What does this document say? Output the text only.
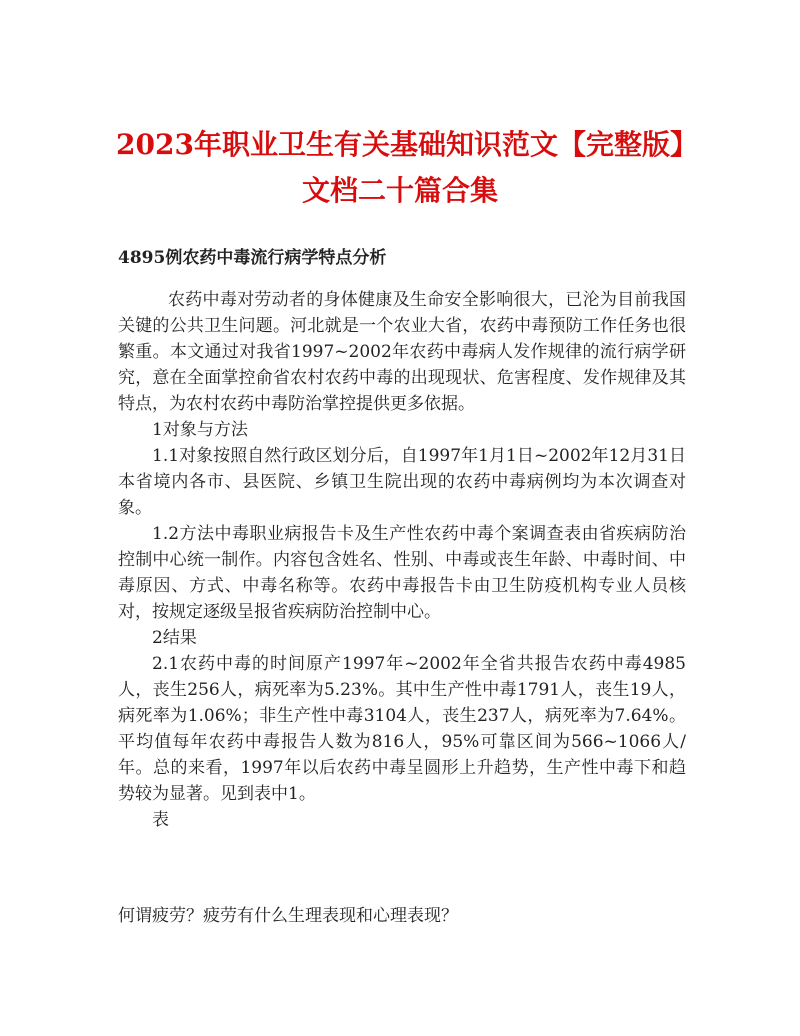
2023年职业卫生有关基础知识范文【完整版】文档二十篇合集
4895例农药中毒流行病学特点分析

农药中毒对劳动者的身体健康及生命安全影响很大，已沦为目前我国关键的公共卫生问题。河北就是一个农业大省，农药中毒预防工作任务也很繁重。本文通过对我省1997~2002年农药中毒病人发作规律的流行病学研究，意在全面掌控俞省农村农药中毒的出现现状、危害程度、发作规律及其特点，为农村农药中毒防治掌控提供更多依据。

1对象与方法

1.1对象按照自然行政区划分后，自1997年1月1日~2002年12月31日本省境内各市、县医院、乡镇卫生院出现的农药中毒病例均为本次调查对象。

1.2方法中毒职业病报告卡及生产性农药中毒个案调查表由省疾病防治控制中心统一制作。内容包含姓名、性别、中毒或丧生年龄、中毒时间、中毒原因、方式、中毒名称等。农药中毒报告卡由卫生防疫机构专业人员核对，按规定逐级呈报省疾病防治控制中心。

2结果

2.1农药中毒的时间原产1997年~2002年全省共报告农药中毒4985人，丧生256人，病死率为5.23%。其中生产性中毒1791人，丧生19人，病死率为1.06%；非生产性中毒3104人，丧生237人，病死率为7.64%。平均值每年农药中毒报告人数为816人，95%可靠区间为566~1066人/年。总的来看，1997年以后农药中毒呈圆形上升趋势，生产性中毒下和趋势较为显著。见到表中1。

表

何谓疲劳？疲劳有什么生理表现和心理表现？
